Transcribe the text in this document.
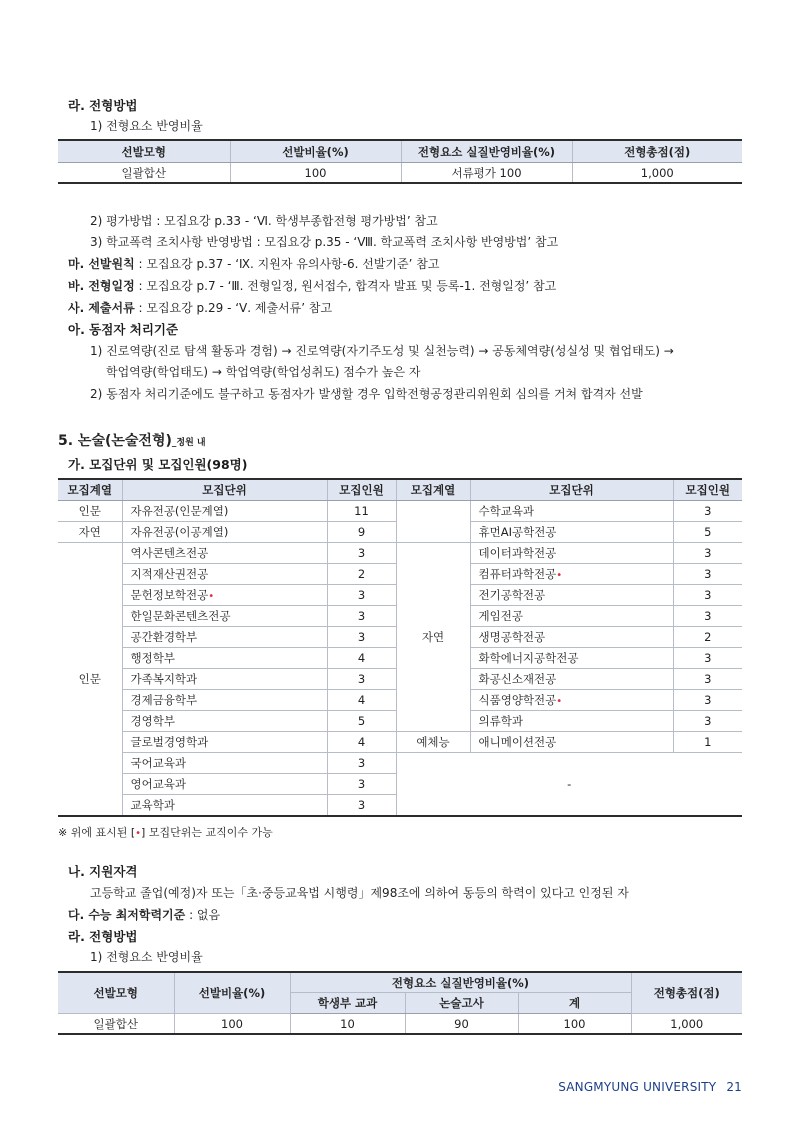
라. 전형방법
1) 전형요소 반영비율
선발모형	선발비율(%)	전형요소 실질반영비율(%)	전형총점(점)
일괄합산	100	서류평가 100	1,000
2) 평가방법 : 모집요강 p.33 - ‘Ⅵ. 학생부종합전형 평가방법’ 참고
3) 학교폭력 조치사항 반영방법 : 모집요강 p.35 - ‘Ⅷ. 학교폭력 조치사항 반영방법’ 참고
마. 선발원칙 : 모집요강 p.37 - ‘Ⅸ. 지원자 유의사항-6. 선발기준’ 참고
바. 전형일정 : 모집요강 p.7 - ‘Ⅲ. 전형일정, 원서접수, 합격자 발표 및 등록-1. 전형일정’ 참고
사. 제출서류 : 모집요강 p.29 - ‘Ⅴ. 제출서류’ 참고
아. 동점자 처리기준
1) 진로역량(진로 탐색 활동과 경험) → 진로역량(자기주도성 및 실천능력) → 공동체역량(성실성 및 협업태도) →
학업역량(학업태도) → 학업역량(학업성취도) 점수가 높은 자
2) 동점자 처리기준에도 불구하고 동점자가 발생할 경우 입학전형공정관리위원회 심의를 거쳐 합격자 선발
5. 논술(논술전형)_정원 내
가. 모집단위 및 모집인원(98명)
모집계열	모집단위	모집인원	모집계열	모집단위	모집인원
인문	자유전공(인문계열)	11		수학교육과	3
자연	자유전공(이공계열)	9		휴먼AI공학전공	5
인문	역사콘텐츠전공	3	자연	데이터과학전공	3
	지적재산권전공	2		컴퓨터과학전공•	3
	문헌정보학전공•	3		전기공학전공	3
	한일문화콘텐츠전공	3		게임전공	3
	공간환경학부	3		생명공학전공	2
	행정학부	4		화학에너지공학전공	3
	가족복지학과	3		화공신소재전공	3
	경제금융학부	4		식품영양학전공•	3
	경영학부	5		의류학과	3
	글로벌경영학과	4	예체능	애니메이션전공	1
	국어교육과	3	-		
	영어교육과	3			
	교육학과	3			
※ 위에 표시된 [•] 모집단위는 교직이수 가능
나. 지원자격
고등학교 졸업(예정)자 또는「초·중등교육법 시행령」제98조에 의하여 동등의 학력이 있다고 인정된 자
다. 수능 최저학력기준 : 없음
라. 전형방법
1) 전형요소 반영비율
선발모형	선발비율(%)	전형요소 실질반영비율(%)			전형총점(점)
		학생부 교과	논술고사	계	
일괄합산	100	10	90	100	1,000
SANGMYUNG UNIVERSITY 21
